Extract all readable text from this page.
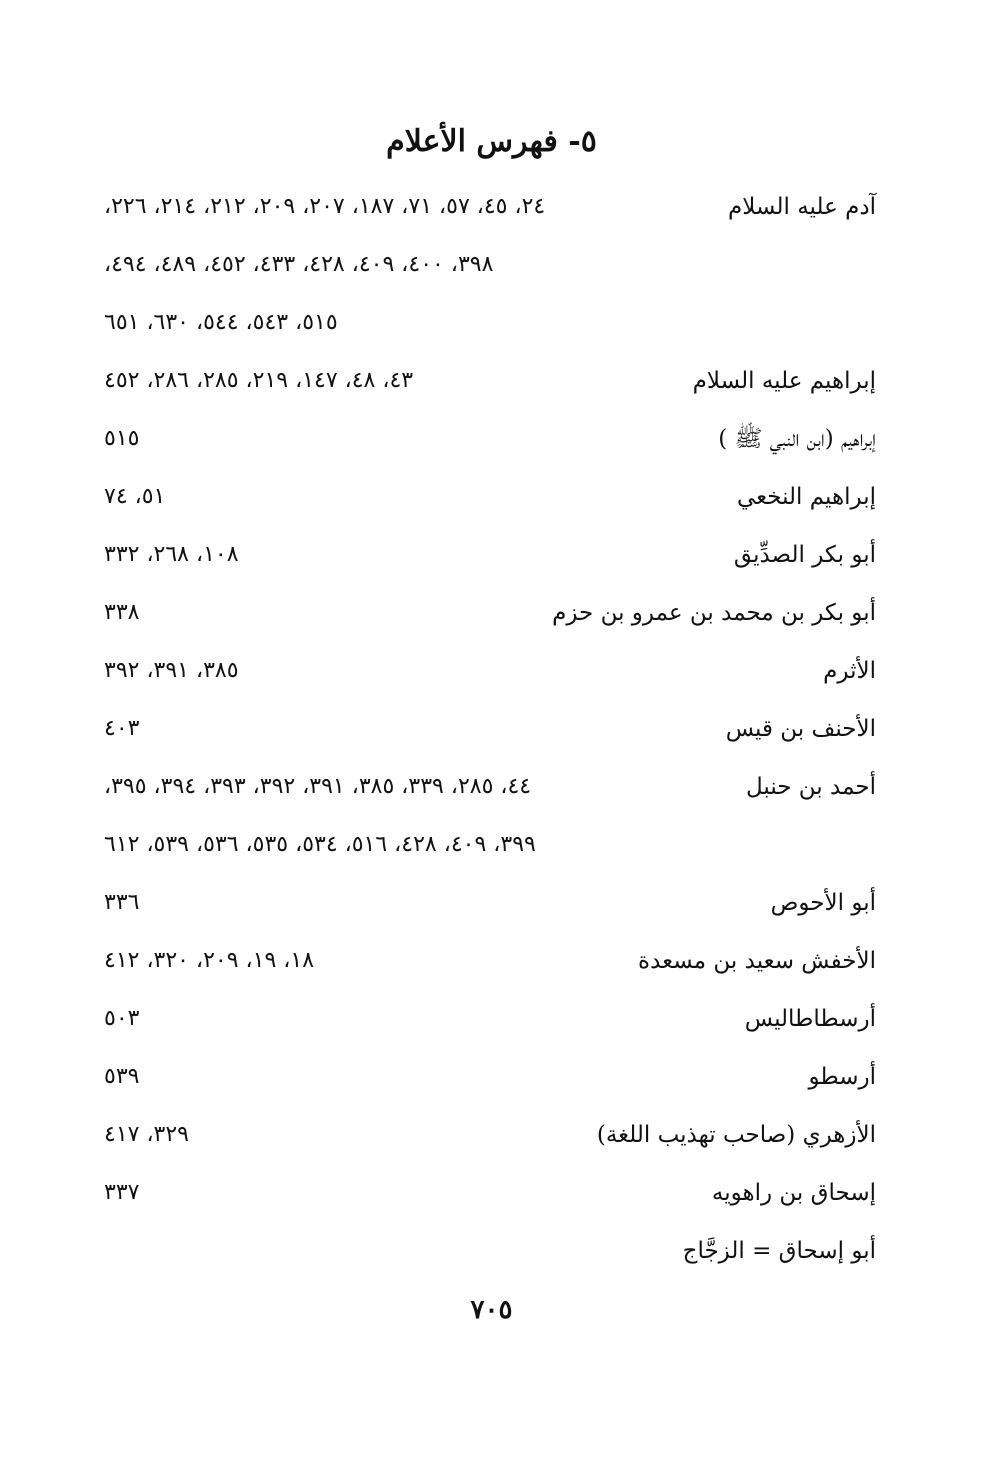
٥- فهرس الأعلام
آدم عليه السلام
٢٤، ٤٥، ٥٧، ٧١، ١٨٧، ٢٠٧، ٢٠٩، ٢١٢، ٢١٤، ٢٢٦،
٣٩٨، ٤٠٠، ٤٠٩، ٤٢٨، ٤٣٣، ٤٥٢، ٤٨٩، ٤٩٤،
٥١٥، ٥٤٣، ٥٤٤، ٦٣٠، ٦٥١
إبراهيم عليه السلام
٤٣، ٤٨، ١٤٧، ٢١٩، ٢٨٥، ٢٨٦، ٤٥٢
إبراهيم (ابن النبي ﷺ )
٥١٥
إبراهيم النخعي
٥١، ٧٤
أبو بكر الصدِّيق
١٠٨، ٢٦٨، ٣٣٢
أبو بكر بن محمد بن عمرو بن حزم
٣٣٨
الأثرم
٣٨٥، ٣٩١، ٣٩٢
الأحنف بن قيس
٤٠٣
أحمد بن حنبل
٤٤، ٢٨٥، ٣٣٩، ٣٨٥، ٣٩١، ٣٩٢، ٣٩٣، ٣٩٤، ٣٩٥،
٣٩٩، ٤٠٩، ٤٢٨، ٥١٦، ٥٣٤، ٥٣٥، ٥٣٦، ٥٣٩، ٦١٢
أبو الأحوص
٣٣٦
الأخفش سعيد بن مسعدة
١٨، ١٩، ٢٠٩، ٣٢٠، ٤١٢
أرسطاطاليس
٥٠٣
أرسطو
٥٣٩
الأزهري (صاحب تهذيب اللغة)
٣٢٩، ٤١٧
إسحاق بن راهويه
٣٣٧
أبو إسحاق = الزجَّاج
٧٠٥
